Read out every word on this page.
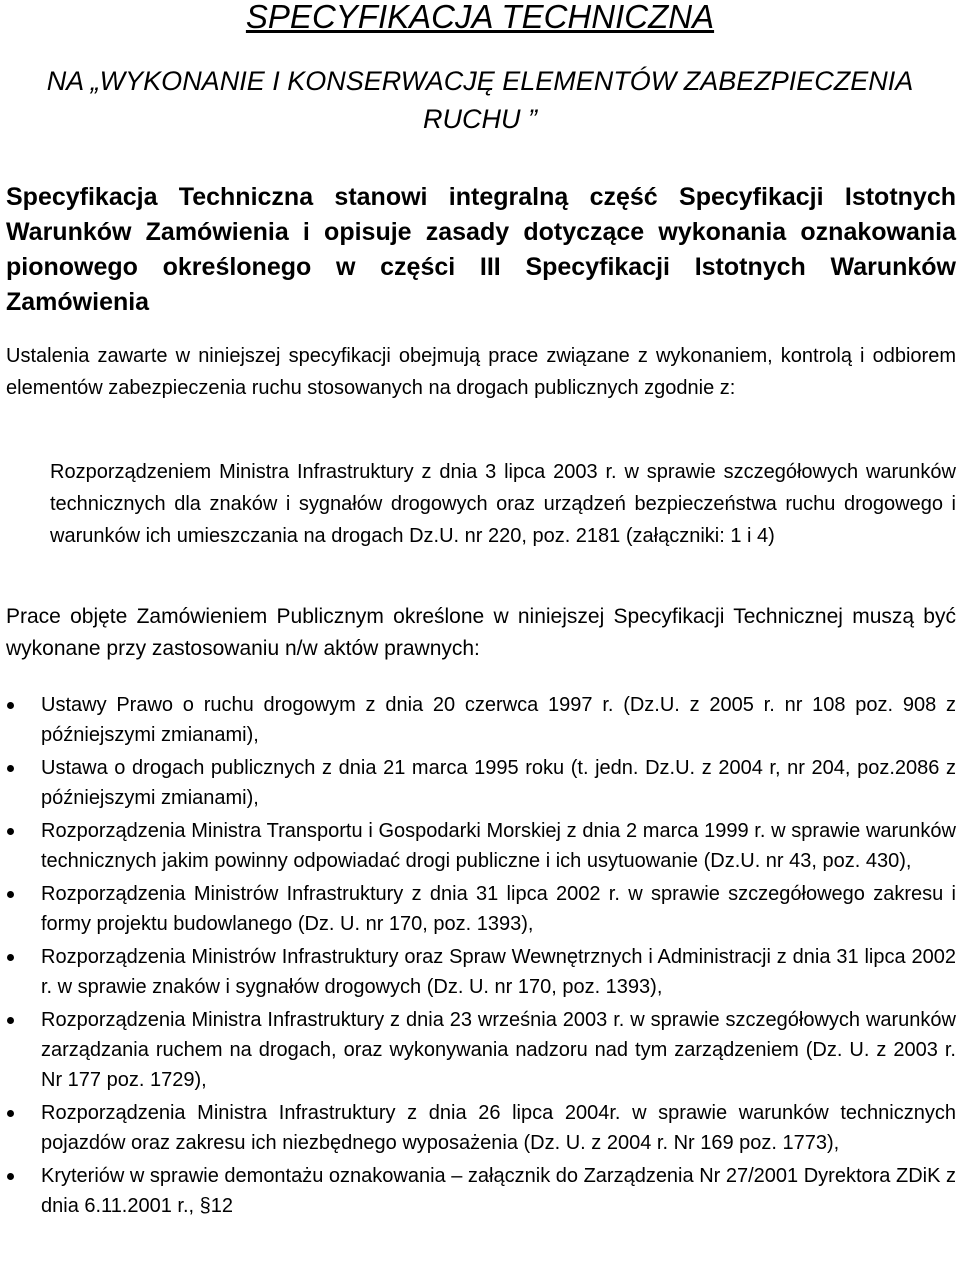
SPECYFIKACJA TECHNICZNA
NA „WYKONANIE I KONSERWACJĘ ELEMENTÓW ZABEZPIECZENIA
RUCHU ”

Specyfikacja Techniczna stanowi integralną część Specyfikacji Istotnych Warunków Zamówienia i opisuje zasady dotyczące wykonania oznakowania pionowego określonego w części III Specyfikacji Istotnych Warunków Zamówienia

Ustalenia zawarte w niniejszej specyfikacji obejmują prace związane z wykonaniem, kontrolą i odbiorem elementów zabezpieczenia ruchu stosowanych na drogach publicznych zgodnie z:

Rozporządzeniem Ministra Infrastruktury z dnia 3 lipca 2003 r. w sprawie szczegółowych warunków technicznych dla znaków i sygnałów drogowych oraz urządzeń bezpieczeństwa ruchu drogowego i warunków ich umieszczania na drogach Dz.U. nr 220, poz. 2181 (załączniki: 1 i 4)

Prace objęte Zamówieniem Publicznym określone w niniejszej Specyfikacji Technicznej muszą być wykonane przy zastosowaniu n/w aktów prawnych:

Ustawy Prawo o ruchu drogowym z dnia 20 czerwca 1997 r. (Dz.U. z 2005 r. nr 108 poz. 908 z późniejszymi zmianami),
Ustawa o drogach publicznych z dnia 21 marca 1995 roku (t. jedn. Dz.U. z 2004 r, nr 204, poz.2086 z późniejszymi zmianami),
Rozporządzenia Ministra Transportu i Gospodarki Morskiej z dnia 2 marca 1999 r. w sprawie warunków technicznych jakim powinny odpowiadać drogi publiczne i ich usytuowanie (Dz.U. nr 43, poz. 430),
Rozporządzenia Ministrów Infrastruktury z dnia 31 lipca 2002 r. w sprawie szczegółowego zakresu i formy projektu budowlanego (Dz. U. nr 170, poz. 1393),
Rozporządzenia Ministrów Infrastruktury oraz Spraw Wewnętrznych i Administracji z dnia 31 lipca 2002 r. w sprawie znaków i sygnałów drogowych (Dz. U. nr 170, poz. 1393),
Rozporządzenia Ministra Infrastruktury z dnia 23 września 2003 r. w sprawie szczegółowych warunków zarządzania ruchem na drogach, oraz wykonywania nadzoru nad tym zarządzeniem (Dz. U. z 2003 r. Nr 177 poz. 1729),
Rozporządzenia Ministra Infrastruktury z dnia 26 lipca 2004r. w sprawie warunków technicznych pojazdów oraz zakresu ich niezbędnego wyposażenia (Dz. U. z 2004 r. Nr 169 poz. 1773),
Kryteriów w sprawie demontażu oznakowania – załącznik do Zarządzenia Nr 27/2001 Dyrektora ZDiK z dnia 6.11.2001 r., §12
